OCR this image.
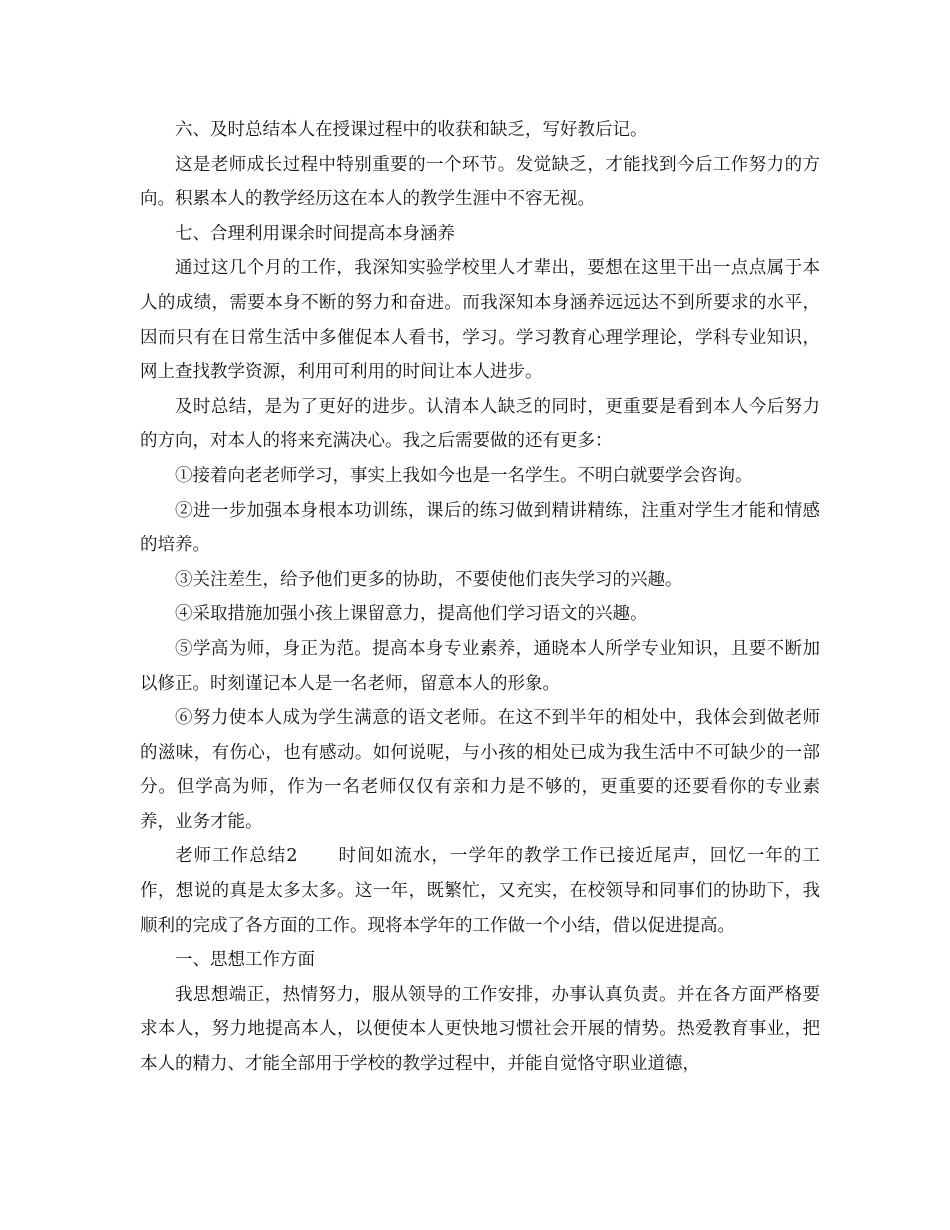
六、及时总结本人在授课过程中的收获和缺乏，写好教后记。

这是老师成长过程中特别重要的一个环节。发觉缺乏，才能找到今后工作努力的方向。积累本人的教学经历这在本人的教学生涯中不容无视。

七、合理利用课余时间提高本身涵养

通过这几个月的工作，我深知实验学校里人才辈出，要想在这里干出一点点属于本人的成绩，需要本身不断的努力和奋进。而我深知本身涵养远远达不到所要求的水平，因而只有在日常生活中多催促本人看书，学习。学习教育心理学理论，学科专业知识，网上查找教学资源，利用可利用的时间让本人进步。

及时总结，是为了更好的进步。认清本人缺乏的同时，更重要是看到本人今后努力的方向，对本人的将来充满决心。我之后需要做的还有更多：

①接着向老老师学习，事实上我如今也是一名学生。不明白就要学会咨询。

②进一步加强本身根本功训练，课后的练习做到精讲精练，注重对学生才能和情感的培养。

③关注差生，给予他们更多的协助，不要使他们丧失学习的兴趣。

④采取措施加强小孩上课留意力，提高他们学习语文的兴趣。

⑤学高为师，身正为范。提高本身专业素养，通晓本人所学专业知识，且要不断加以修正。时刻谨记本人是一名老师，留意本人的形象。

⑥努力使本人成为学生满意的语文老师。在这不到半年的相处中，我体会到做老师的滋味，有伤心，也有感动。如何说呢，与小孩的相处已成为我生活中不可缺少的一部分。但学高为师，作为一名老师仅仅有亲和力是不够的，更重要的还要看你的专业素养，业务才能。

老师工作总结2 时间如流水，一学年的教学工作已接近尾声，回忆一年的工作，想说的真是太多太多。这一年，既繁忙，又充实，在校领导和同事们的协助下，我顺利的完成了各方面的工作。现将本学年的工作做一个小结，借以促进提高。

一、思想工作方面

我思想端正，热情努力，服从领导的工作安排，办事认真负责。并在各方面严格要求本人，努力地提高本人，以便使本人更快地习惯社会开展的情势。热爱教育事业，把本人的精力、才能全部用于学校的教学过程中，并能自觉恪守职业道德，
